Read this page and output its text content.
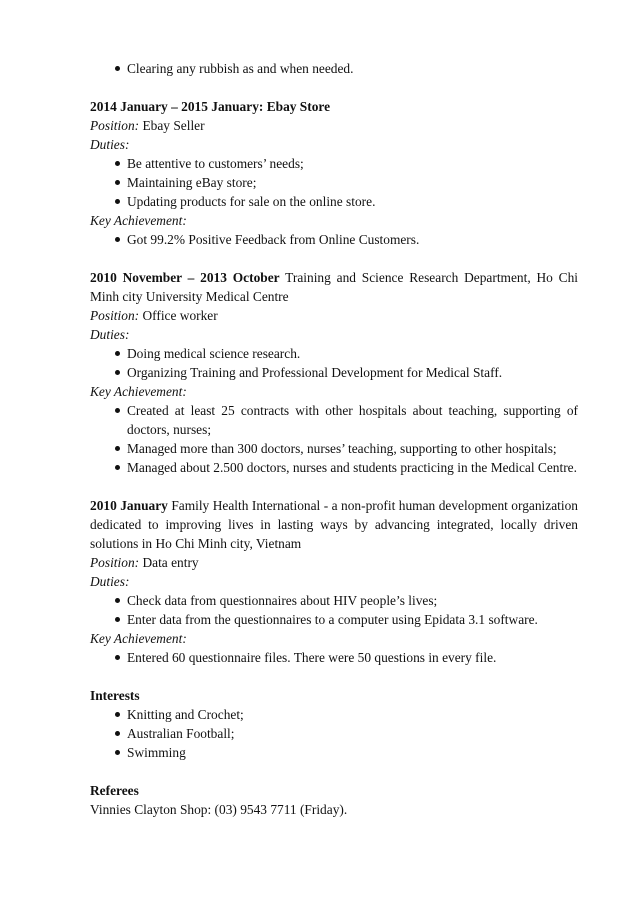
Clearing any rubbish as and when needed.

2014 January – 2015 January: Ebay Store

Position: Ebay Seller

Duties:

Be attentive to customers’ needs;
Maintaining eBay store;
Updating products for sale on the online store.

Key Achievement:

Got 99.2% Positive Feedback from Online Customers.

2010 November – 2013 October Training and Science Research Department, Ho Chi Minh city University Medical Centre

Position: Office worker

Duties:

Doing medical science research.
Organizing Training and Professional Development for Medical Staff.

Key Achievement:

Created at least 25 contracts with other hospitals about teaching, supporting of doctors, nurses;
Managed more than 300 doctors, nurses’ teaching, supporting to other hospitals;
Managed about 2.500 doctors, nurses and students practicing in the Medical Centre.

2010 January Family Health International - a non-profit human development organization dedicated to improving lives in lasting ways by advancing integrated, locally driven solutions in Ho Chi Minh city, Vietnam

Position: Data entry

Duties:

Check data from questionnaires about HIV people’s lives;
Enter data from the questionnaires to a computer using Epidata 3.1 software.

Key Achievement:

Entered 60 questionnaire files. There were 50 questions in every file.

Interests

Knitting and Crochet;
Australian Football;
Swimming

Referees

Vinnies Clayton Shop: (03) 9543 7711 (Friday).
